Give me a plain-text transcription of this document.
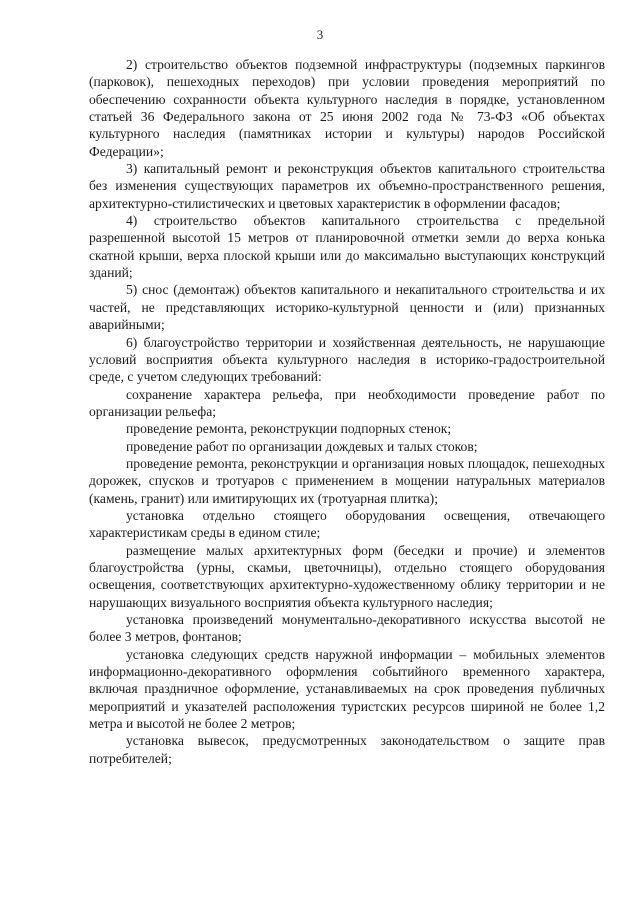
3

2) строительство объектов подземной инфраструктуры (подземных паркингов (парковок), пешеходных переходов) при условии проведения мероприятий по обеспечению сохранности объекта культурного наследия в порядке, установленном статьей 36 Федерального закона от 25 июня 2002 года № 73-ФЗ «Об объектах культурного наследия (памятниках истории и культуры) народов Российской Федерации»;

3) капитальный ремонт и реконструкция объектов капитального строительства без изменения существующих параметров их объемно-пространственного решения, архитектурно-стилистических и цветовых характеристик в оформлении фасадов;

4) строительство объектов капитального строительства с предельной разрешенной высотой 15 метров от планировочной отметки земли до верха конька скатной крыши, верха плоской крыши или до максимально выступающих конструкций зданий;

5) снос (демонтаж) объектов капитального и некапитального строительства и их частей, не представляющих историко-культурной ценности и (или) признанных аварийными;

6) благоустройство территории и хозяйственная деятельность, не нарушающие условий восприятия объекта культурного наследия в историко-градостроительной среде, с учетом следующих требований:

сохранение характера рельефа, при необходимости проведение работ по организации рельефа;

проведение ремонта, реконструкции подпорных стенок;

проведение работ по организации дождевых и талых стоков;

проведение ремонта, реконструкции и организация новых площадок, пешеходных дорожек, спусков и тротуаров с применением в мощении натуральных материалов (камень, гранит) или имитирующих их (тротуарная плитка);

установка отдельно стоящего оборудования освещения, отвечающего характеристикам среды в едином стиле;

размещение малых архитектурных форм (беседки и прочие) и элементов благоустройства (урны, скамьи, цветочницы), отдельно стоящего оборудования освещения, соответствующих архитектурно-художественному облику территории и не нарушающих визуального восприятия объекта культурного наследия;

установка произведений монументально-декоративного искусства высотой не более 3 метров, фонтанов;

установка следующих средств наружной информации – мобильных элементов информационно-декоративного оформления событийного временного характера, включая праздничное оформление, устанавливаемых на срок проведения публичных мероприятий и указателей расположения туристских ресурсов шириной не более 1,2 метра и высотой не более 2 метров;

установка вывесок, предусмотренных законодательством о защите прав потребителей;
